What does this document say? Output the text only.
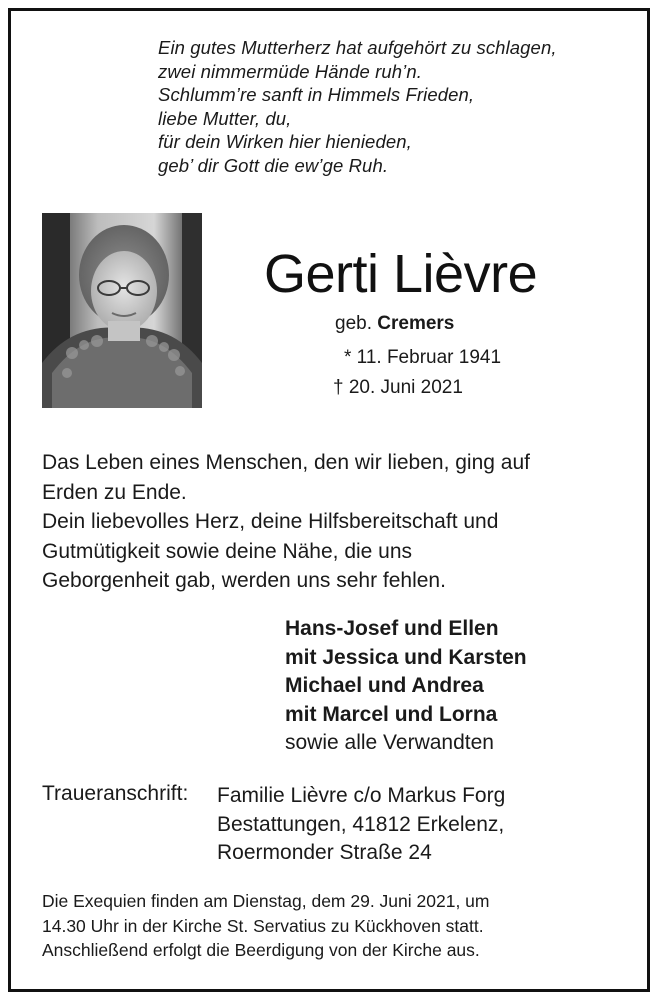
Ein gutes Mutterherz hat aufgehört zu schlagen,
zwei nimmermüde Hände ruh’n.
Schlumm’re sanft in Himmels Frieden,
liebe Mutter, du,
für dein Wirken hier hienieden,
geb’ dir Gott die ew’ge Ruh.
Gerti Lièvre
geb. Cremers
* 11. Februar 1941
† 20. Juni 2021
Das Leben eines Menschen, den wir lieben, ging auf
Erden zu Ende.
Dein liebevolles Herz, deine Hilfsbereitschaft und
Gutmütigkeit sowie deine Nähe, die uns
Geborgenheit gab, werden uns sehr fehlen.
Hans-Josef und Ellen
mit Jessica und Karsten
Michael und Andrea
mit Marcel und Lorna
sowie alle Verwandten
Traueranschrift: Familie Lièvre c/o Markus Forg
Bestattungen, 41812 Erkelenz,
Roermonder Straße 24
Die Exequien finden am Dienstag, dem 29. Juni 2021, um
14.30 Uhr in der Kirche St. Servatius zu Kückhoven statt.
Anschließend erfolgt die Beerdigung von der Kirche aus.
